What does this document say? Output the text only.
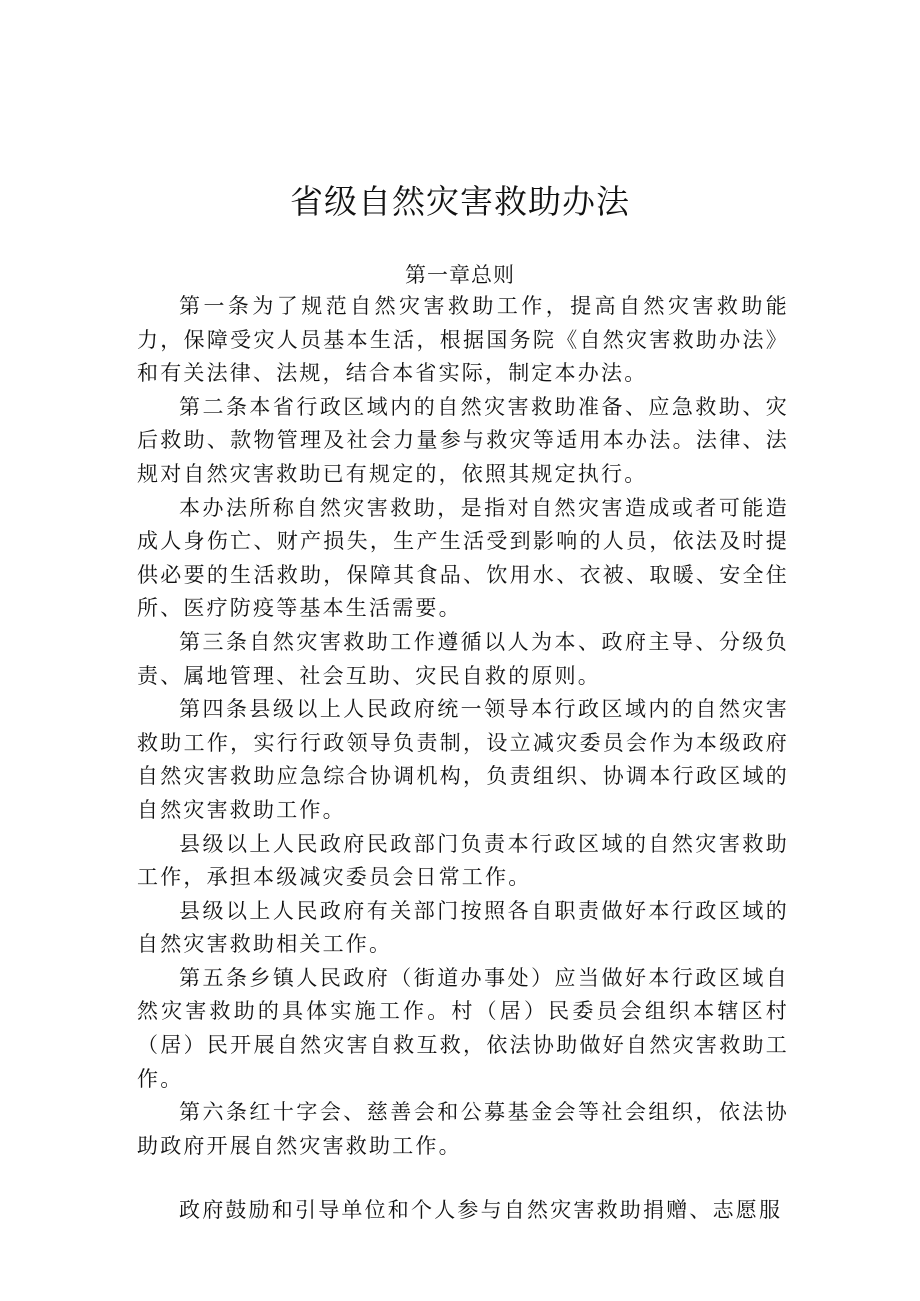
省级自然灾害救助办法
第一章总则

第一条为了规范自然灾害救助工作，提高自然灾害救助能力，保障受灾人员基本生活，根据国务院《自然灾害救助办法》和有关法律、法规，结合本省实际，制定本办法。

第二条本省行政区域内的自然灾害救助准备、应急救助、灾后救助、款物管理及社会力量参与救灾等适用本办法。法律、法规对自然灾害救助已有规定的，依照其规定执行。

本办法所称自然灾害救助，是指对自然灾害造成或者可能造成人身伤亡、财产损失，生产生活受到影响的人员，依法及时提供必要的生活救助，保障其食品、饮用水、衣被、取暖、安全住所、医疗防疫等基本生活需要。

第三条自然灾害救助工作遵循以人为本、政府主导、分级负责、属地管理、社会互助、灾民自救的原则。

第四条县级以上人民政府统一领导本行政区域内的自然灾害救助工作，实行行政领导负责制，设立减灾委员会作为本级政府自然灾害救助应急综合协调机构，负责组织、协调本行政区域的自然灾害救助工作。

县级以上人民政府民政部门负责本行政区域的自然灾害救助工作，承担本级减灾委员会日常工作。

县级以上人民政府有关部门按照各自职责做好本行政区域的自然灾害救助相关工作。

第五条乡镇人民政府（街道办事处）应当做好本行政区域自然灾害救助的具体实施工作。村（居）民委员会组织本辖区村（居）民开展自然灾害自救互救，依法协助做好自然灾害救助工作。

第六条红十字会、慈善会和公募基金会等社会组织，依法协助政府开展自然灾害救助工作。

政府鼓励和引导单位和个人参与自然灾害救助捐赠、志愿服
